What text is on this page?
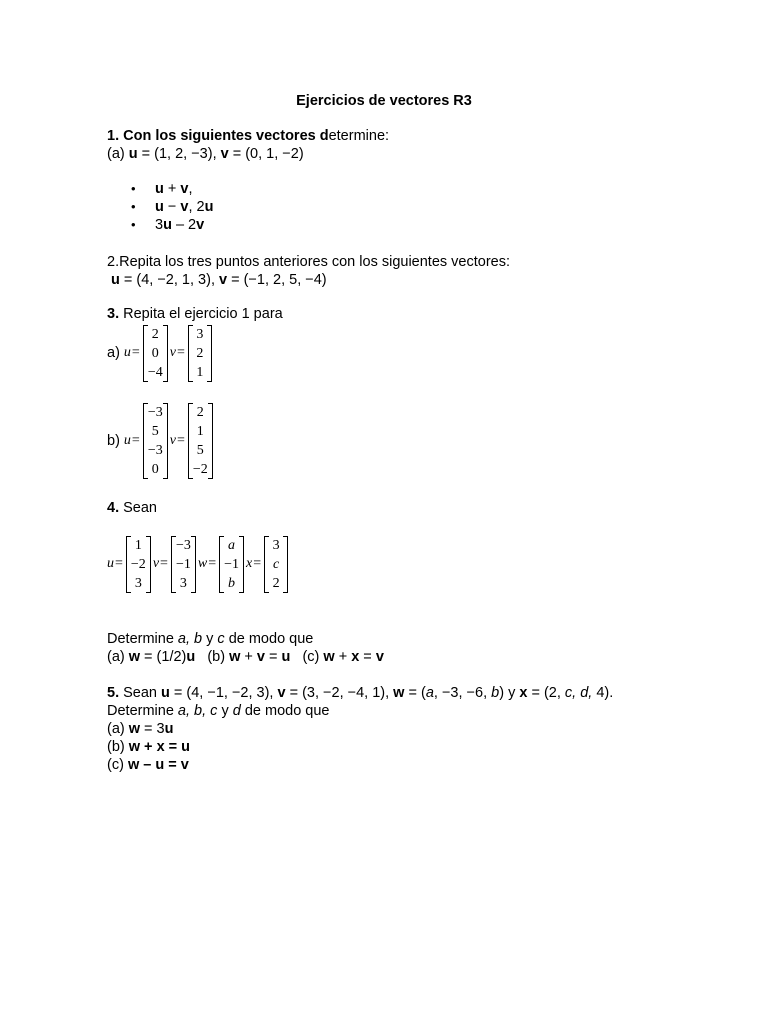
Ejercicios de vectores R3
1. Con los siguientes vectores determine:
(a) u = (1, 2, −3), v = (0, 1, −2)
• u + v,
• u − v, 2u
• 3u – 2v
2.Repita los tres puntos anteriores con los siguientes vectores:
u = (4, −2, 1, 3), v = (−1, 2, 5, −4)
3. Repita el ejercicio 1 para
a) u =
2
0
−4
v =
3
2
1
b) u =
−3
5
−3
0
v =
2
1
5
−2
4. Sean
u =
1
−2
3
v =
−3
−1
3
w =
a
−1
b
x =
3
c
2
Determine a, b y c de modo que
(a) w = (1/2)u   (b) w + v = u   (c) w + x = v
5. Sean u = (4, −1, −2, 3), v = (3, −2, −4, 1), w = (a, −3, −6, b) y x = (2, c, d, 4).
Determine a, b, c y d de modo que
(a) w = 3u
(b) w + x = u
(c) w – u = v
